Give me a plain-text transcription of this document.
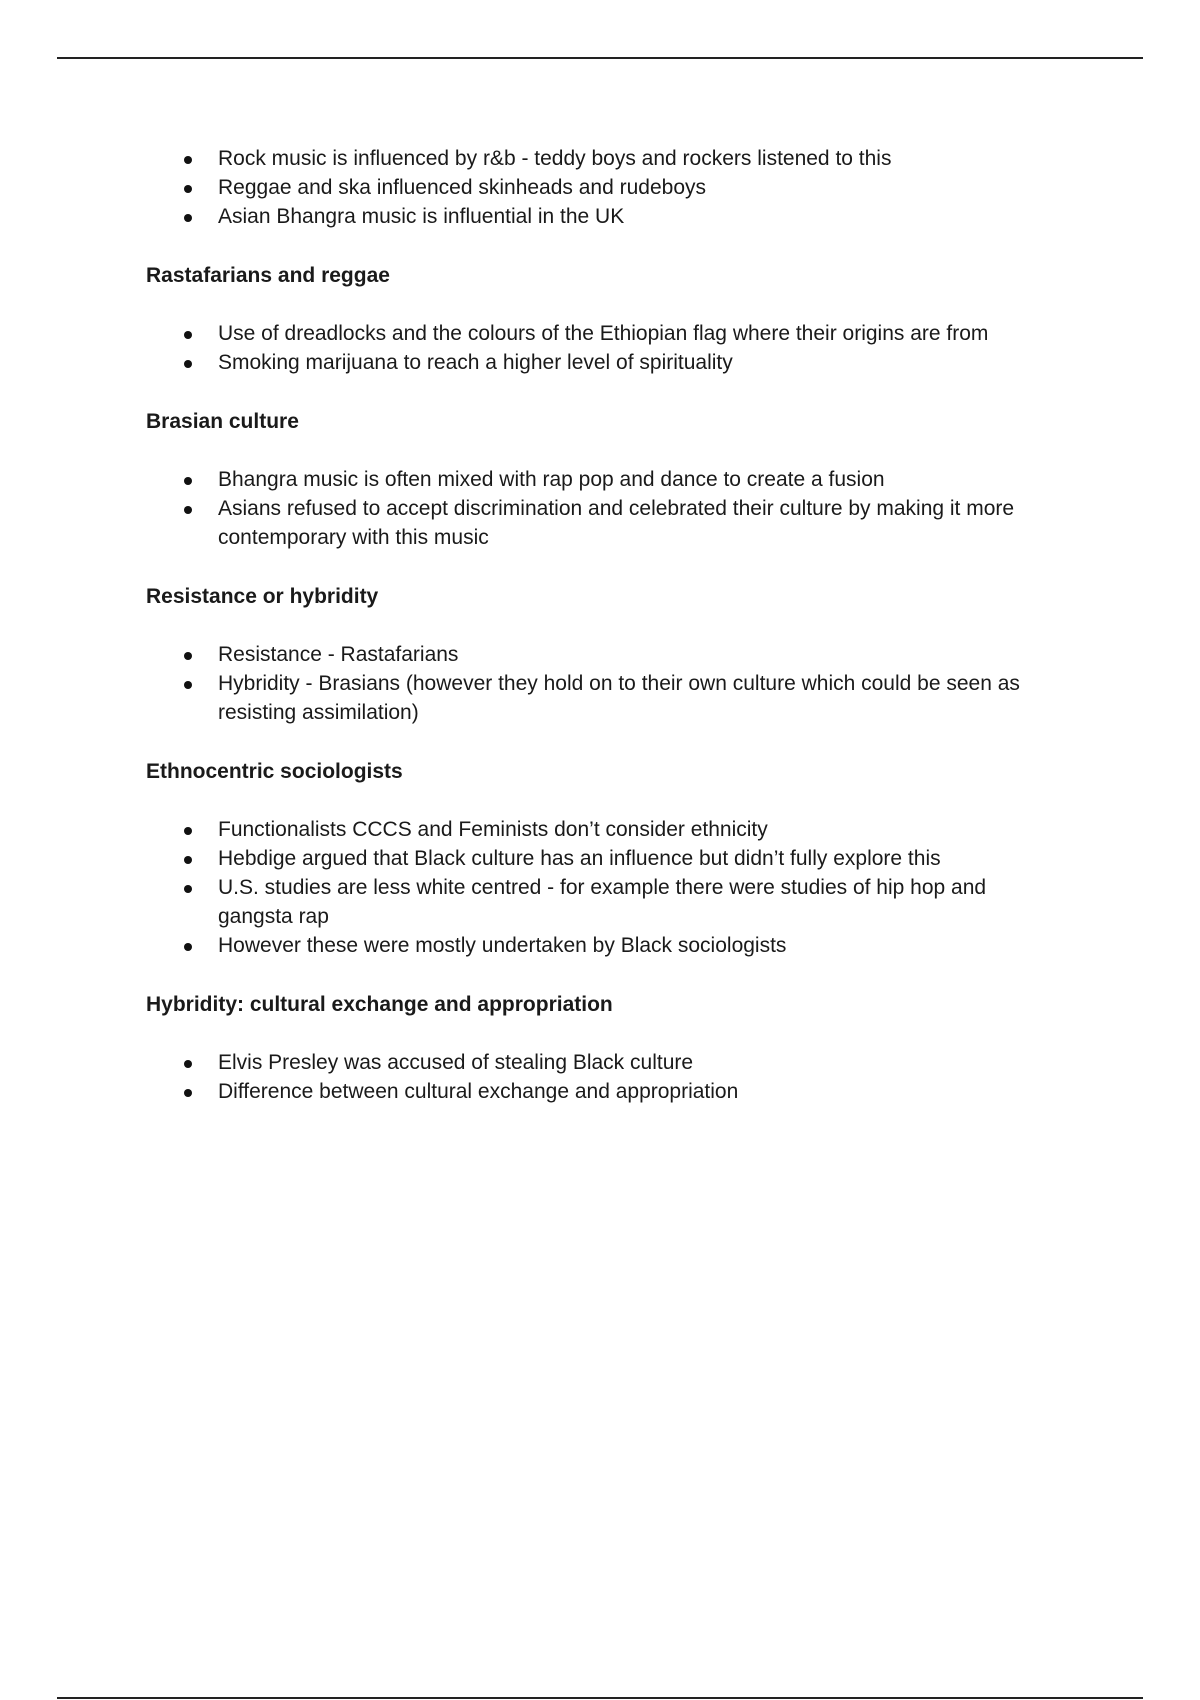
Rock music is influenced by r&b - teddy boys and rockers listened to this
Reggae and ska influenced skinheads and rudeboys
Asian Bhangra music is influential in the UK

Rastafarians and reggae

Use of dreadlocks and the colours of the Ethiopian flag where their origins are from
Smoking marijuana to reach a higher level of spirituality

Brasian culture

Bhangra music is often mixed with rap pop and dance to create a fusion
Asians refused to accept discrimination and celebrated their culture by making it more contemporary with this music

Resistance or hybridity

Resistance - Rastafarians
Hybridity - Brasians (however they hold on to their own culture which could be seen as resisting assimilation)

Ethnocentric sociologists

Functionalists CCCS and Feminists don’t consider ethnicity
Hebdige argued that Black culture has an influence but didn’t fully explore this
U.S. studies are less white centred - for example there were studies of hip hop and gangsta rap
However these were mostly undertaken by Black sociologists

Hybridity: cultural exchange and appropriation

Elvis Presley was accused of stealing Black culture
Difference between cultural exchange and appropriation
